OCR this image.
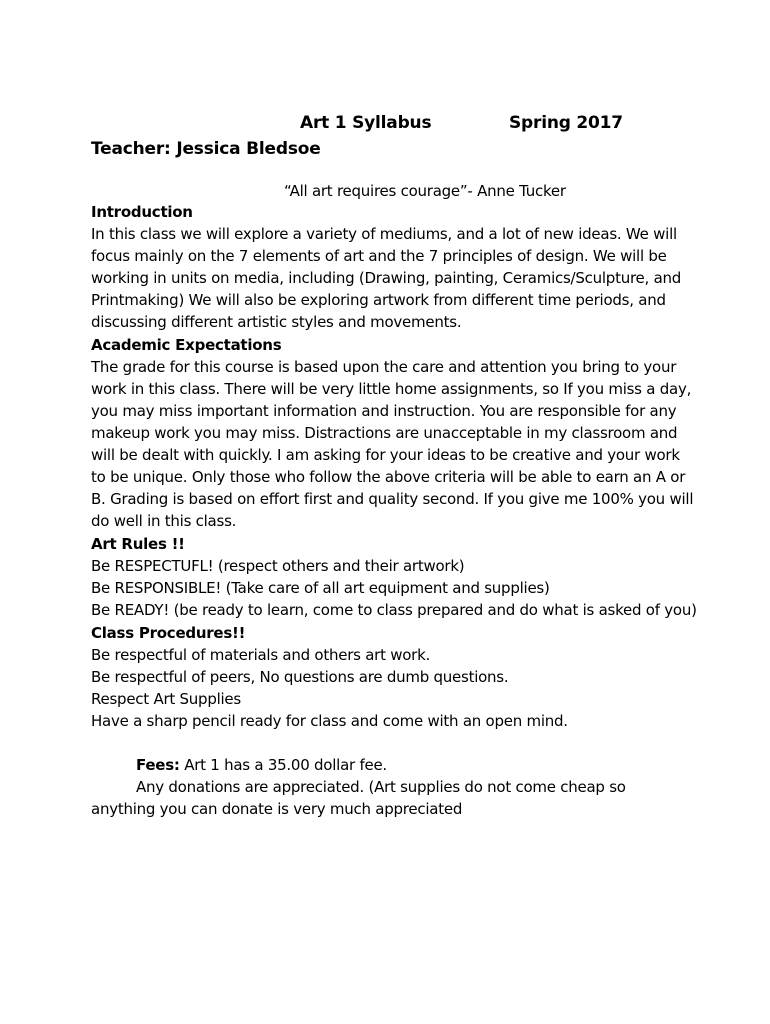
Art 1 Syllabus	Spring 2017
Teacher: Jessica Bledsoe
“All art requires courage”- Anne Tucker
Introduction
In this class we will explore a variety of mediums, and a lot of new ideas. We will
focus mainly on the 7 elements of art and the 7 principles of design. We will be
working in units on media, including (Drawing, painting, Ceramics/Sculpture, and
Printmaking) We will also be exploring artwork from different time periods, and
discussing different artistic styles and movements.
Academic Expectations
The grade for this course is based upon the care and attention you bring to your
work in this class. There will be very little home assignments, so If you miss a day,
you may miss important information and instruction. You are responsible for any
makeup work you may miss. Distractions are unacceptable in my classroom and
will be dealt with quickly. I am asking for your ideas to be creative and your work
to be unique. Only those who follow the above criteria will be able to earn an A or
B. Grading is based on effort first and quality second. If you give me 100% you will
do well in this class.
Art Rules !!
Be RESPECTUFL! (respect others and their artwork)
Be RESPONSIBLE! (Take care of all art equipment and supplies)
Be READY! (be ready to learn, come to class prepared and do what is asked of you)
Class Procedures!!
Be respectful of materials and others art work.
Be respectful of peers, No questions are dumb questions.
Respect Art Supplies
Have a sharp pencil ready for class and come with an open mind.
Fees: Art 1 has a 35.00 dollar fee.
Any donations are appreciated. (Art supplies do not come cheap so
anything you can donate is very much appreciated
